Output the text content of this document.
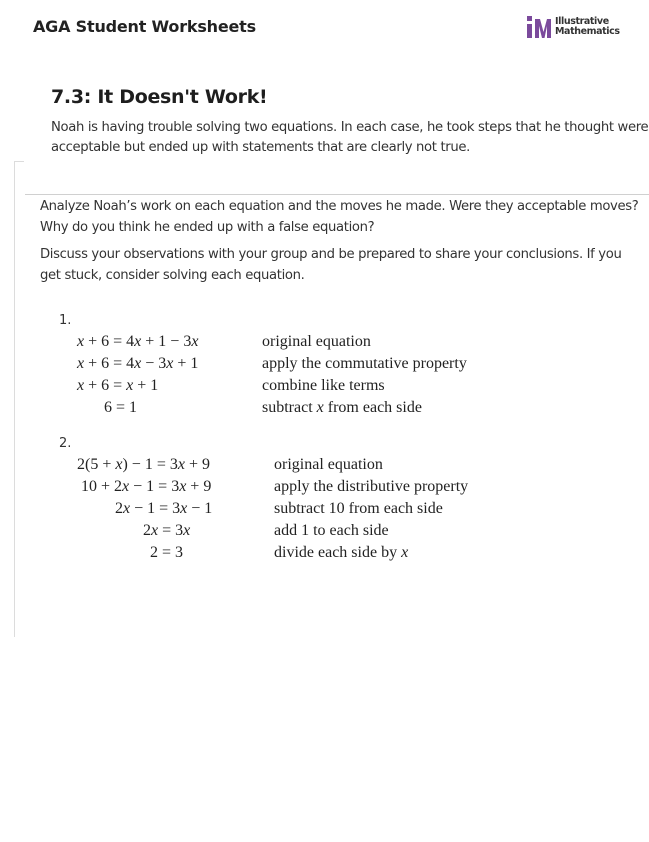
AGA Student Worksheets	Illustrative
Mathematics
7.3: It Doesn't Work!
Noah is having trouble solving two equations. In each case, he took steps that he thought were acceptable but ended up with statements that are clearly not true.
Analyze Noah’s work on each equation and the moves he made. Were they acceptable moves? Why do you think he ended up with a false equation?
Discuss your observations with your group and be prepared to share your conclusions. If you get stuck, consider solving each equation.
1.
x + 6 = 4x + 1 − 3x	original equation
x + 6 = 4x − 3x + 1	apply the commutative property
x + 6 = x + 1	combine like terms
6 = 1	subtract x from each side
2.
2(5 + x) − 1 = 3x + 9	original equation
10 + 2x − 1 = 3x + 9	apply the distributive property
2x − 1 = 3x − 1	subtract 10 from each side
2x = 3x	add 1 to each side
2 = 3	divide each side by x
